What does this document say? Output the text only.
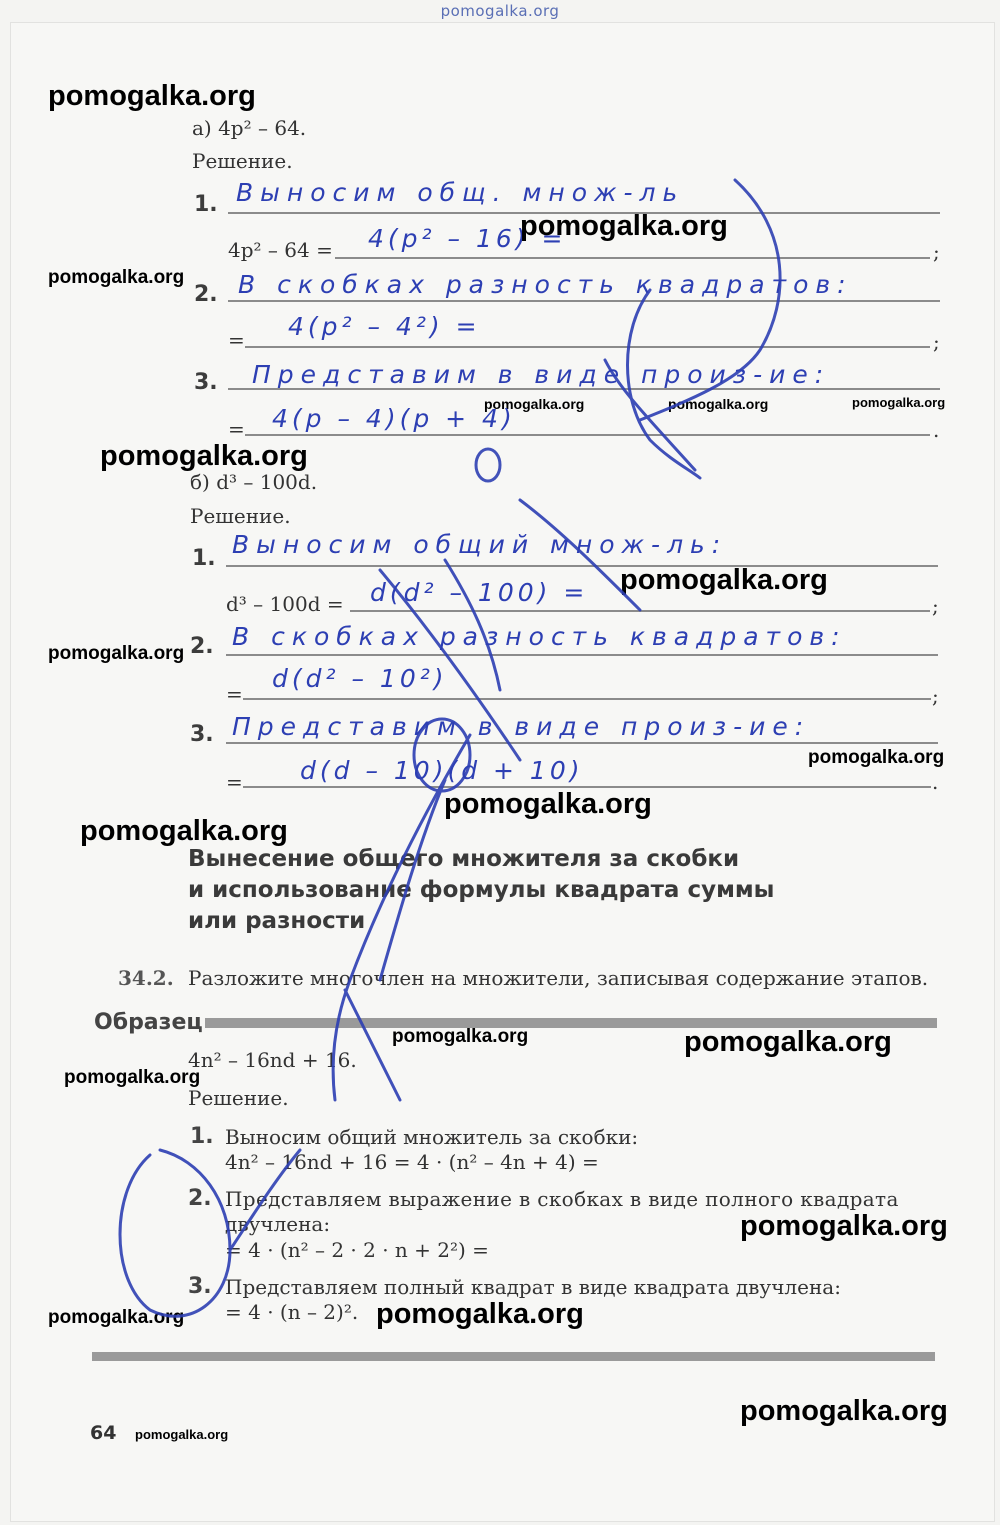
pomogalka.org
pomogalka.org
а) 4p² – 64.
Решение.
1. Выносим общ. множ-ль
4p² – 64 =	;
4(p² – 16) =
pomogalka.org
pomogalka.org
2. В скобках разность квадратов:
=	;
4(p² – 4²) =
3. Представим в виде произ-ие:
pomogalka.org	pomogalka.org	pomogalka.org
=	.
4(p – 4)(p + 4)
pomogalka.org
б) d³ – 100d.
Решение.
1. Выносим общий множ-ль:
d³ – 100d =	;
d(d² – 100) = pomogalka.org
pomogalka.org 2. В скобках разность квадратов:
=	;
d(d² – 10²)
3. Представим в виде произ-ие:
pomogalka.org
=	.
d(d – 10)(d + 10)
pomogalka.org
pomogalka.org
Вынесение общего множителя за скобки
и использование формулы квадрата суммы
или разности
34.2. Разложите многочлен на множители, записывая содержание этапов.
Образец
pomogalka.org	pomogalka.org
4n² – 16nd + 16.
pomogalka.org
Решение.
1. Выносим общий множитель за скобки:
4n² – 16nd + 16 = 4 · (n² – 4n + 4) =
2. Представляем выражение в скобках в виде полного квадрата
двучлена:	pomogalka.org
= 4 · (n² – 2 · 2 · n + 2²) =
3. Представляем полный квадрат в виде квадрата двучлена:
= 4 · (n – 2)².
pomogalka.org	pomogalka.org
pomogalka.org
64 pomogalka.org
